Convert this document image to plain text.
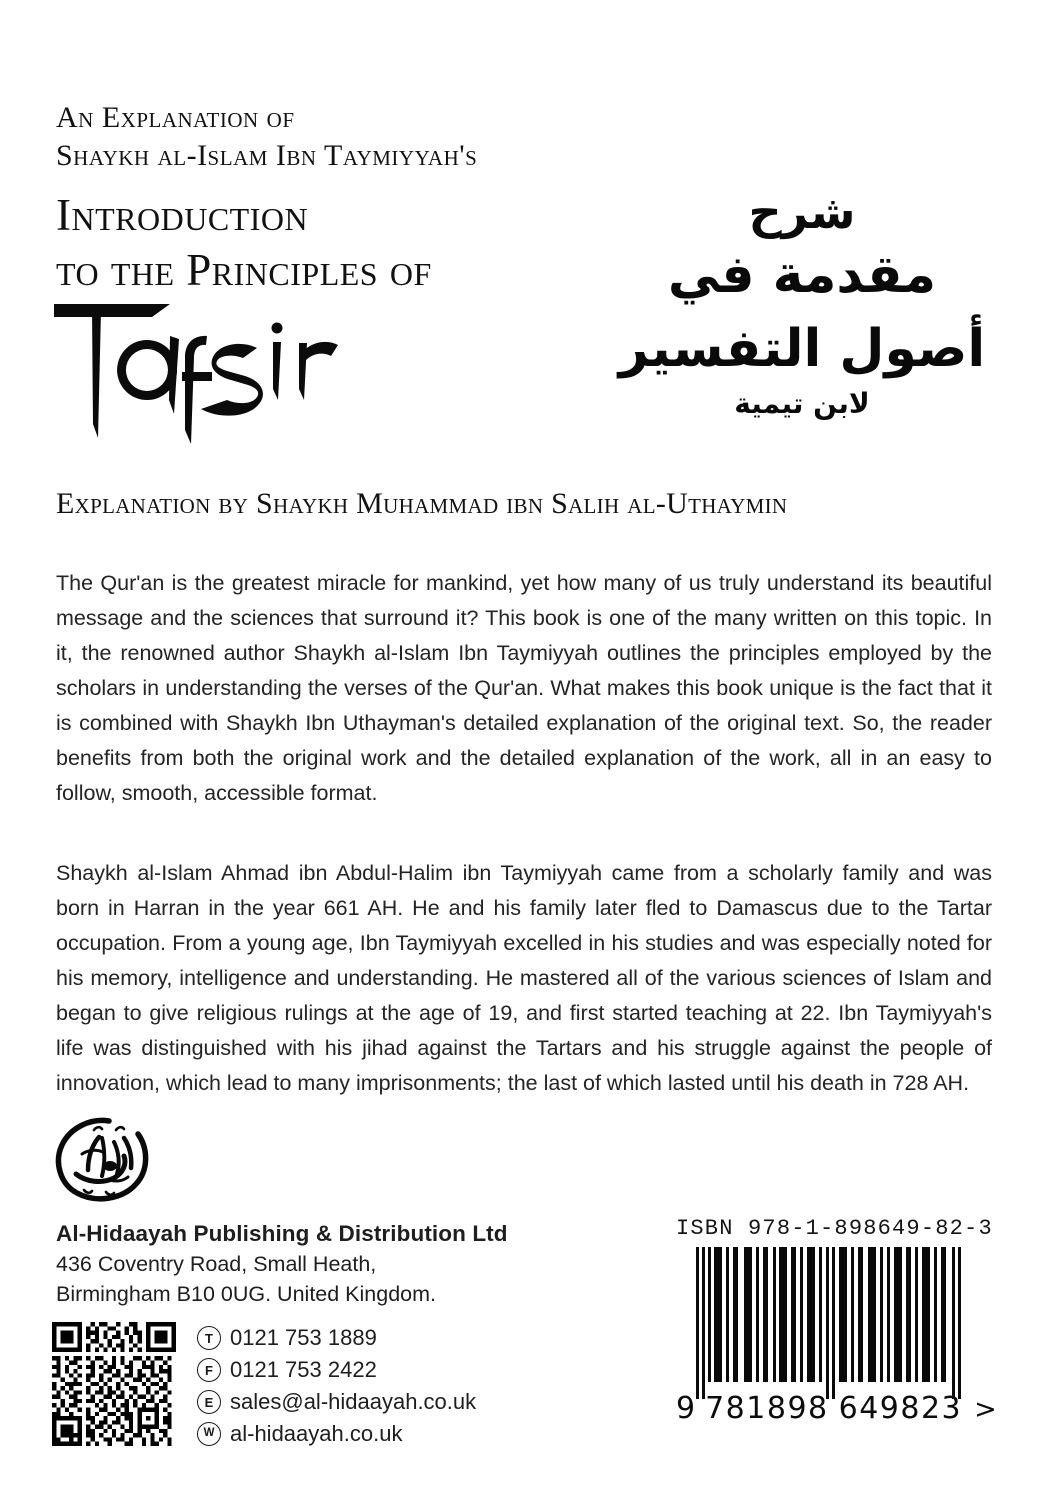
An Explanation of
Shaykh al-Islam Ibn Taymiyyah's
Introduction
to the Principles of
شرح
مقدمة في أصول التفسير
لابن تيمية
Explanation by Shaykh Muhammad ibn Salih al-Uthaymin

The Qur'an is the greatest miracle for mankind, yet how many of us truly understand its beautiful message and the sciences that surround it? This book is one of the many written on this topic. In it, the renowned author Shaykh al-Islam Ibn Taymiyyah outlines the principles employed by the scholars in understanding the verses of the Qur'an. What makes this book unique is the fact that it is combined with Shaykh Ibn Uthayman's detailed explanation of the original text. So, the reader benefits from both the original work and the detailed explanation of the work, all in an easy to follow, smooth, accessible format.

Shaykh al-Islam Ahmad ibn Abdul-Halim ibn Taymiyyah came from a scholarly family and was born in Harran in the year 661 AH. He and his family later fled to Damascus due to the Tartar occupation. From a young age, Ibn Taymiyyah excelled in his studies and was especially noted for his memory, intelligence and understanding. He mastered all of the various sciences of Islam and began to give religious rulings at the age of 19, and first started teaching at 22. Ibn Taymiyyah's life was distinguished with his jihad against the Tartars and his struggle against the people of innovation, which lead to many imprisonments; the last of which lasted until his death in 728 AH.

Al-Hidaayah Publishing & Distribution Ltd
436 Coventry Road, Small Heath,
Birmingham B10 0UG. United Kingdom.
T 0121 753 1889
F 0121 753 2422
E sales@al-hidaayah.co.uk
W al-hidaayah.co.uk
ISBN 978-1-898649-82-3
9 781898 649823 >
